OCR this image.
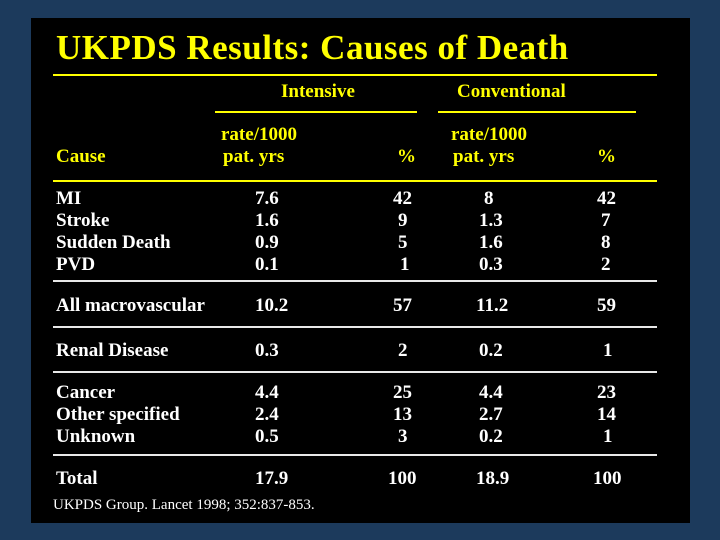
UKPDS Results: Causes of Death
Intensive	Conventional
Cause
rate/1000
pat. yrs	%
rate/1000
pat. yrs	%
MI	7.6	42	8	42
Stroke	1.6	9	1.3	7
Sudden Death	0.9	5	1.6	8
PVD	0.1	1	0.3	2
All macrovascular	10.2	57	11.2	59
Renal Disease	0.3	2	0.2	1
Cancer	4.4	25	4.4	23
Other specified	2.4	13	2.7	14
Unknown	0.5	3	0.2	1
Total	17.9	100	18.9	100
UKPDS Group. Lancet 1998; 352:837-853.
